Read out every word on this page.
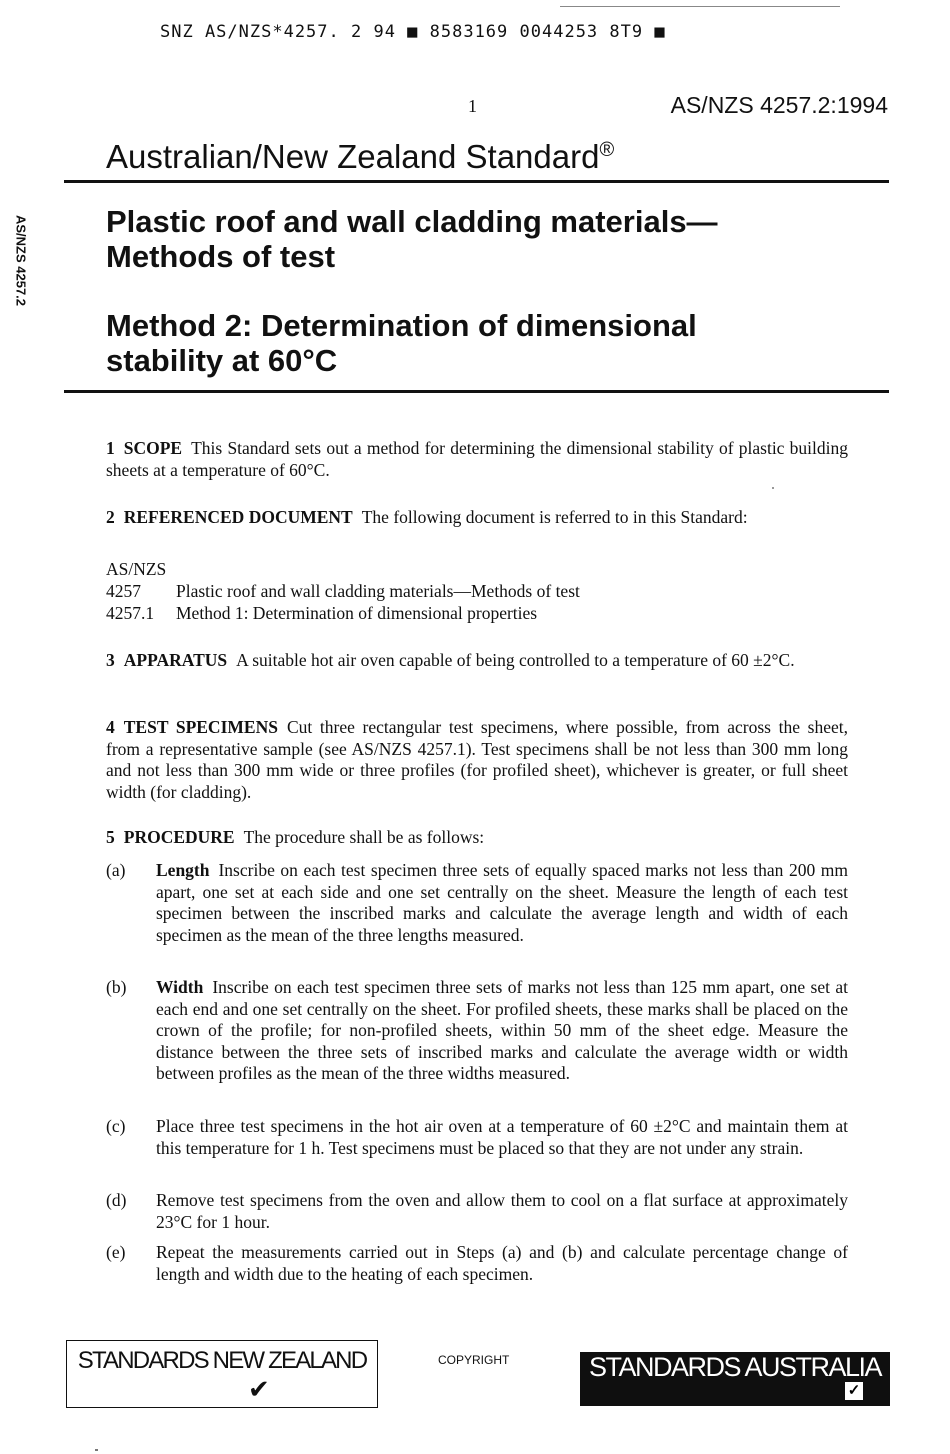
SNZ AS/NZS*4257. 2 94 ■ 8583169 0044253 8T9 ■
AS/NZS 4257.2
1	AS/NZS 4257.2:1994
Australian/New Zealand Standard®
Plastic roof and wall cladding materials—
Methods of test
Method 2: Determination of dimensional
stability at 60°C
1 SCOPE This Standard sets out a method for determining the dimensional stability of plastic building sheets at a temperature of 60°C.
2 REFERENCED DOCUMENT The following document is referred to in this Standard:
AS/NZS
4257 Plastic roof and wall cladding materials—Methods of test
4257.1 Method 1: Determination of dimensional properties
3 APPARATUS A suitable hot air oven capable of being controlled to a temperature of 60 ±2°C.
4 TEST SPECIMENS Cut three rectangular test specimens, where possible, from across the sheet, from a representative sample (see AS/NZS 4257.1). Test specimens shall be not less than 300 mm long and not less than 300 mm wide or three profiles (for profiled sheet), whichever is greater, or full sheet width (for cladding).
5 PROCEDURE The procedure shall be as follows:
(a) Length Inscribe on each test specimen three sets of equally spaced marks not less than 200 mm apart, one set at each side and one set centrally on the sheet. Measure the length of each test specimen between the inscribed marks and calculate the average length and width of each specimen as the mean of the three lengths measured.
(b) Width Inscribe on each test specimen three sets of marks not less than 125 mm apart, one set at each end and one set centrally on the sheet. For profiled sheets, these marks shall be placed on the crown of the profile; for non-profiled sheets, within 50 mm of the sheet edge. Measure the distance between the three sets of inscribed marks and calculate the average width or width between profiles as the mean of the three widths measured.
(c) Place three test specimens in the hot air oven at a temperature of 60 ±2°C and maintain them at this temperature for 1 h. Test specimens must be placed so that they are not under any strain.
(d) Remove test specimens from the oven and allow them to cool on a flat surface at approximately 23°C for 1 hour.
(e) Repeat the measurements carried out in Steps (a) and (b) and calculate percentage change of length and width due to the heating of each specimen.
STANDARDS NEW ZEALAND
✔
COPYRIGHT	STANDARDS AUSTRALIA
✓
